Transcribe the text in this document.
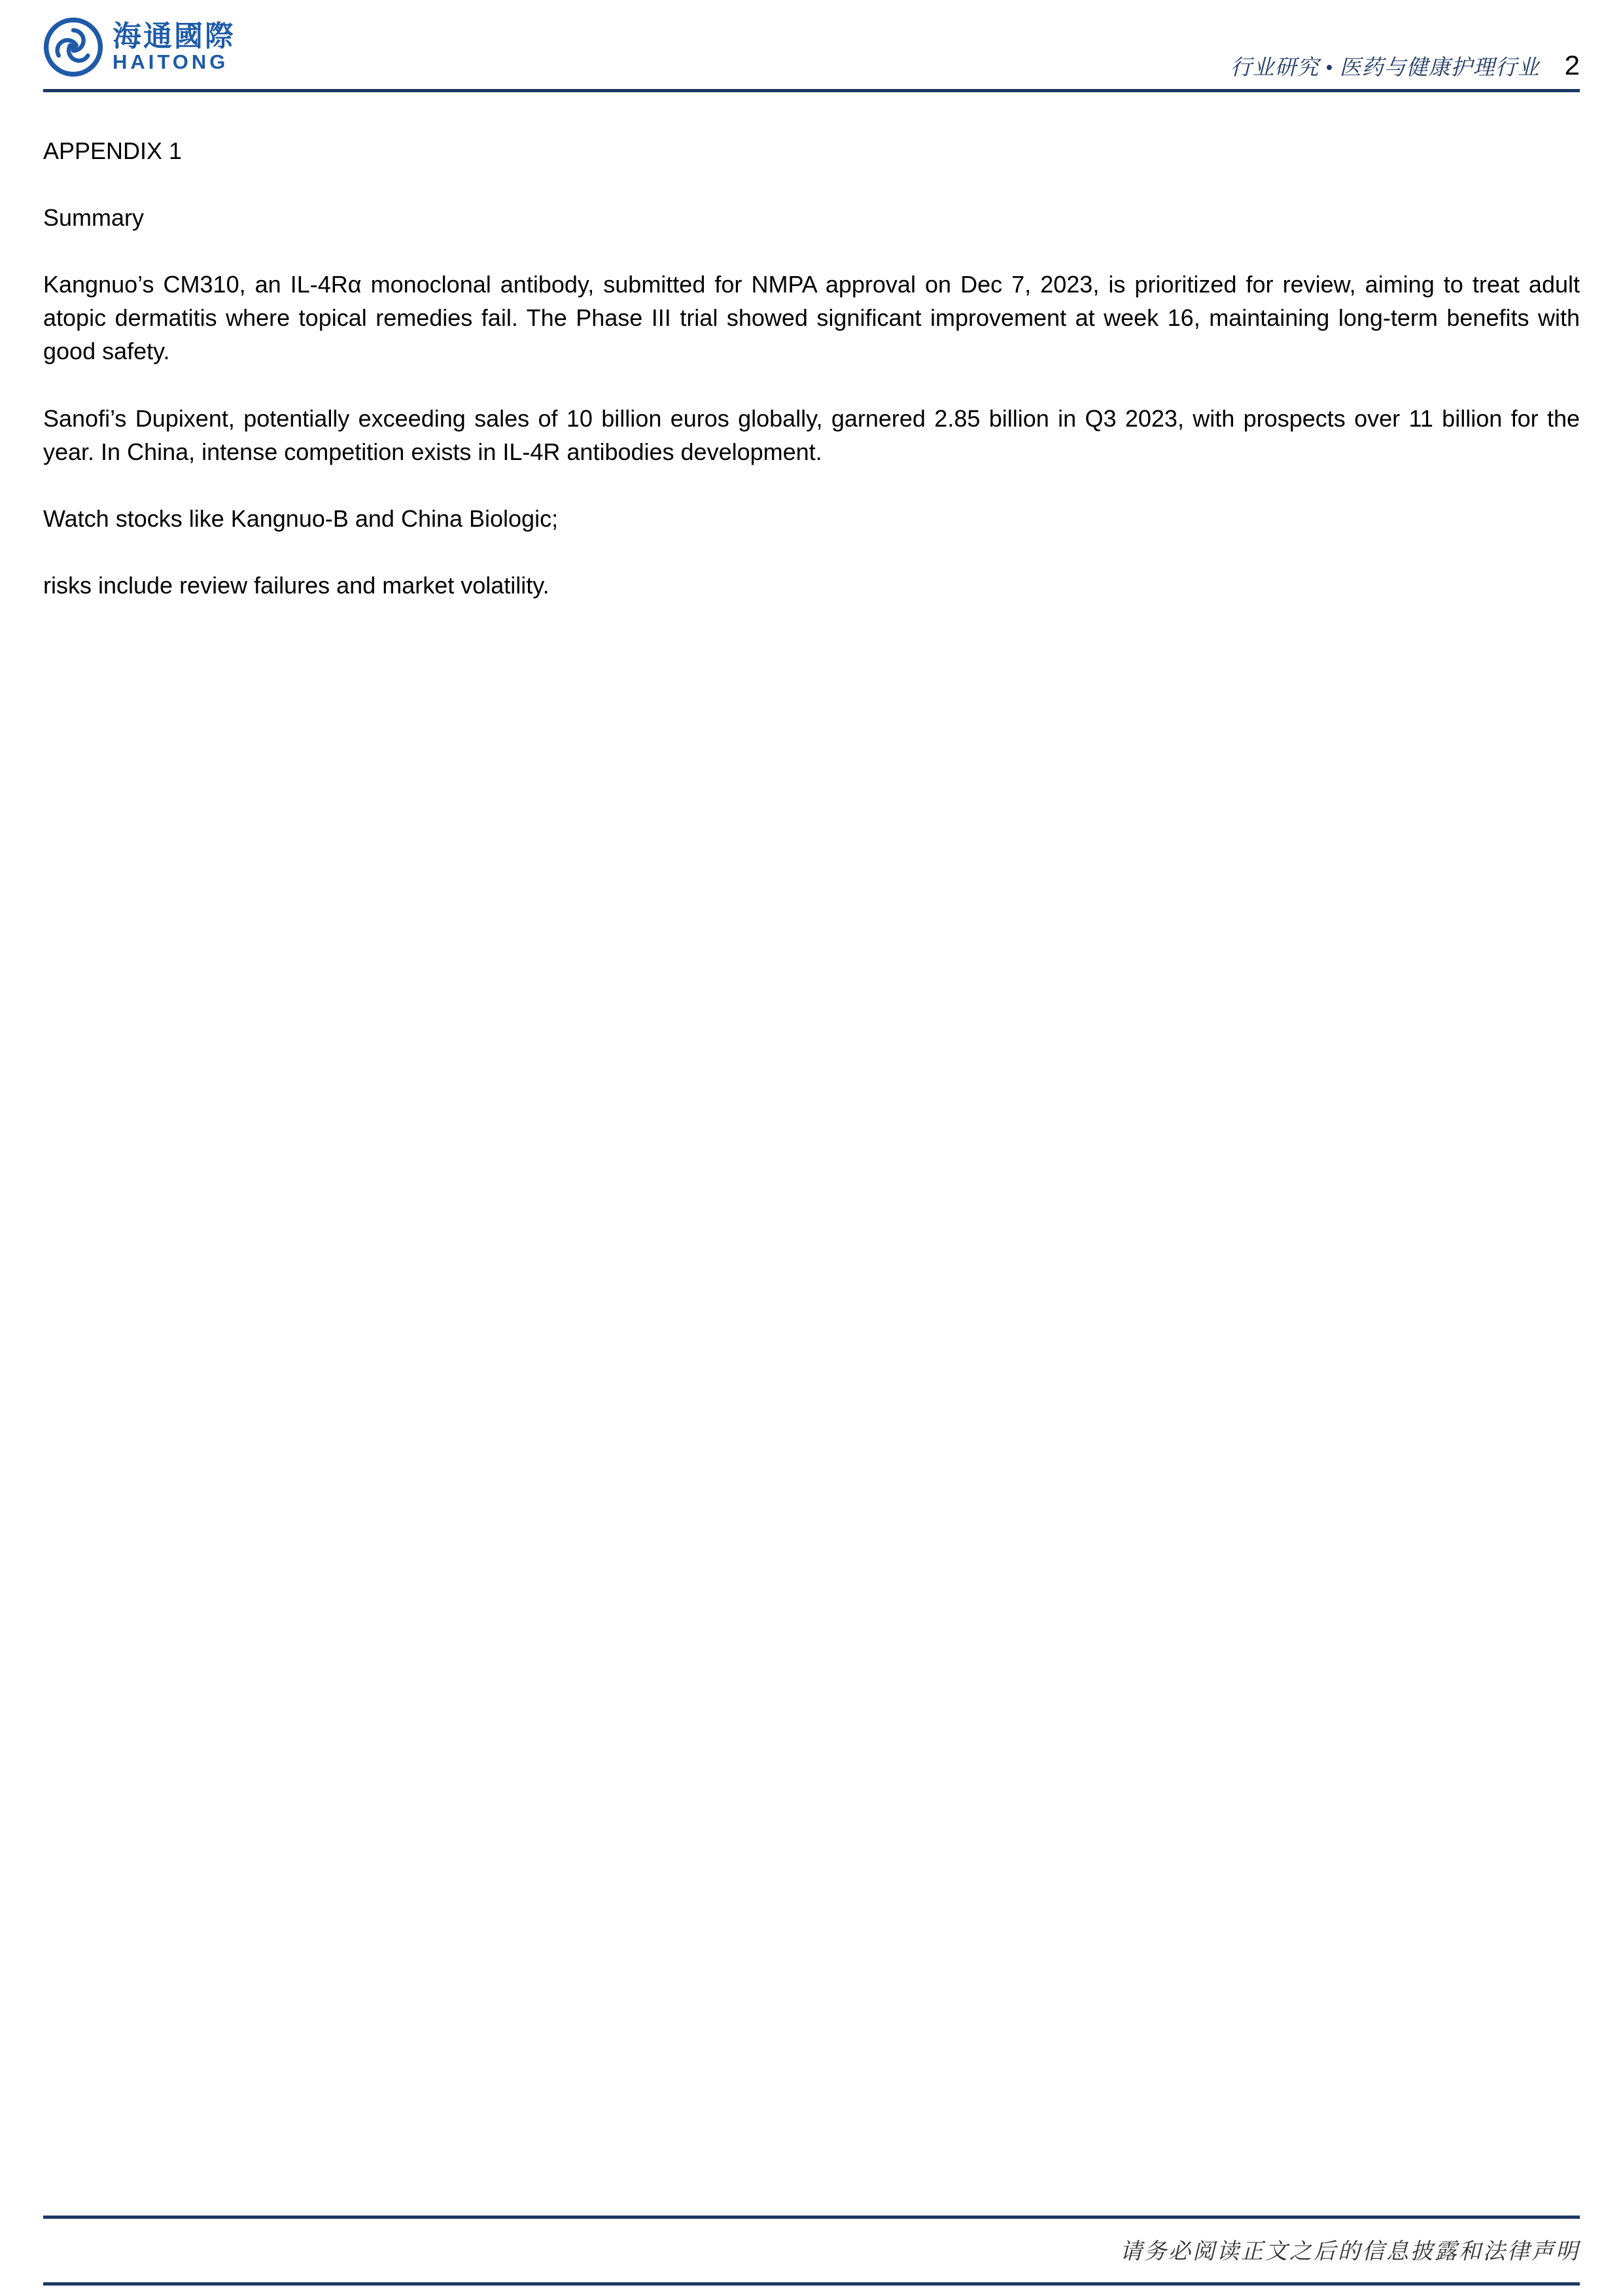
海通國際
HAITONG	行业研究 • 医药与健康护理行业 2

APPENDIX 1

Summary

Kangnuo’s CM310, an IL-4Rα monoclonal antibody, submitted for NMPA approval on Dec 7, 2023, is prioritized for review, aiming to treat adult atopic dermatitis where topical remedies fail. The Phase III trial showed significant improvement at week 16, maintaining long-term benefits with good safety.

Sanofi’s Dupixent, potentially exceeding sales of 10 billion euros globally, garnered 2.85 billion in Q3 2023, with prospects over 11 billion for the year. In China, intense competition exists in IL-4R antibodies development.

Watch stocks like Kangnuo-B and China Biologic;

risks include review failures and market volatility.

请务必阅读正文之后的信息披露和法律声明
